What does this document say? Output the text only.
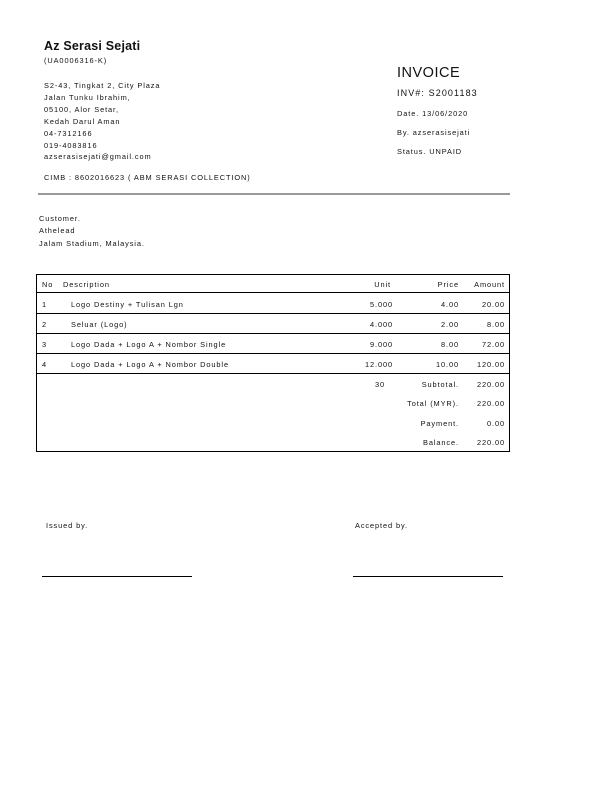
Az Serasi Sejati
(UA0006316-K)
S2-43, Tingkat 2, City Plaza
Jalan Tunku Ibrahim,
05100, Alor Setar,
Kedah Darul Aman
04-7312166
019-4083816
azserasisejati@gmail.com
CIMB : 8602016623 ( ABM SERASI COLLECTION)
INVOICE
INV#: S2001183
Date. 13/06/2020
By. azserasisejati
Status. UNPAID
Customer.
Athelead
Jalam Stadium, Malaysia.
No Description	Unit	Price Amount
1	Logo Destiny + Tulisan Lgn	5.000	4.00	20.00
2	Seluar (Logo)	4.000	2.00	8.00
3	Logo Dada + Logo A + Nombor Single	9.000	8.00	72.00
4	Logo Dada + Logo A + Nombor Double	12.000	10.00 120.00
30	Subtotal. 220.00
Total (MYR). 220.00
Payment.	0.00
Balance. 220.00
Issued by.	Accepted by.
